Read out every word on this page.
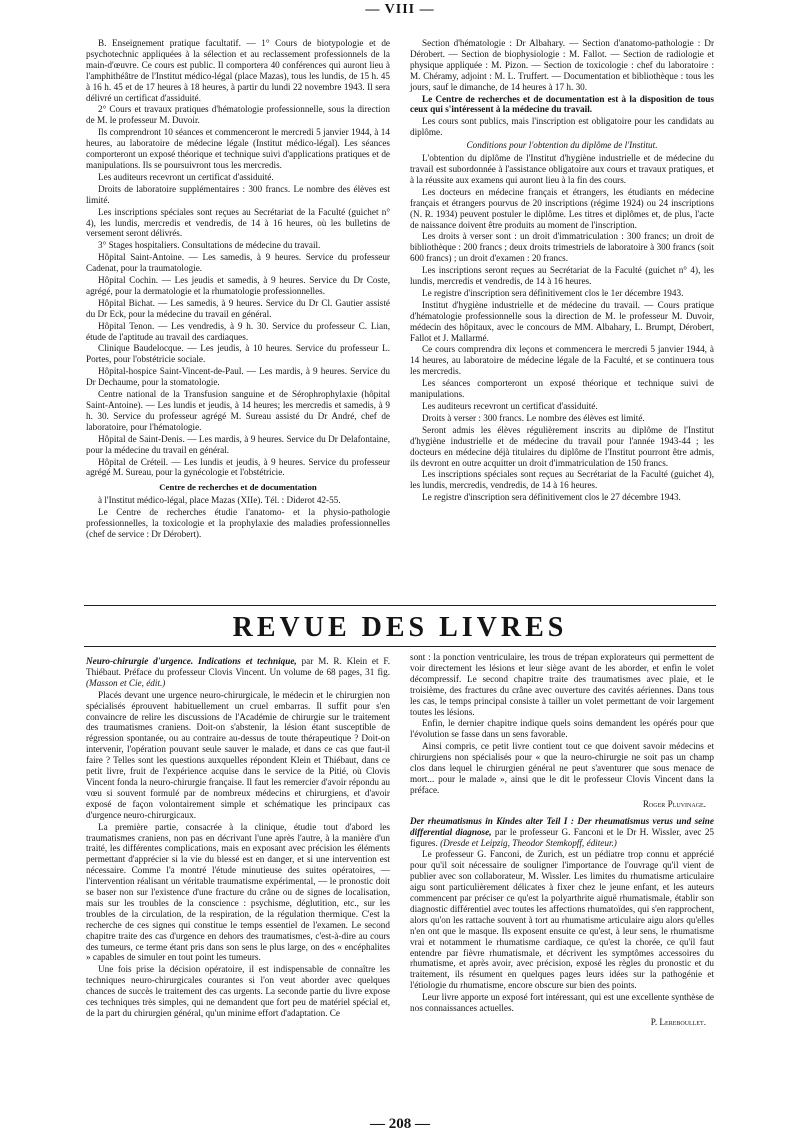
— VIII —

B. Enseignement pratique facultatif. — 1° Cours de biotypologie et de psychotechnic appliquées à la sélection et au reclassement professionnels de la main-d'œuvre. Ce cours est public. Il comportera 40 conférences qui auront lieu à l'amphithéâtre de l'Institut médico-légal (place Mazas), tous les lundis, de 15 h. 45 à 16 h. 45 et de 17 heures à 18 heures, à partir du lundi 22 novembre 1943. Il sera délivré un certificat d'assiduité.

2° Cours et travaux pratiques d'hématologie professionnelle, sous la direction de M. le professeur M. Duvoir.

Ils comprendront 10 séances et commenceront le mercredi 5 janvier 1944, à 14 heures, au laboratoire de médecine légale (Institut médico-légal). Les séances comporteront un exposé théorique et technique suivi d'applications pratiques et de manipulations. Ils se poursuivront tous les mercredis.

Les auditeurs recevront un certificat d'assiduité.

Droits de laboratoire supplémentaires : 300 francs. Le nombre des élèves est limité.

Les inscriptions spéciales sont reçues au Secrétariat de la Faculté (guichet n° 4), les lundis, mercredis et vendredis, de 14 à 16 heures, où les bulletins de versement seront délivrés.

3° Stages hospitaliers. Consultations de médecine du travail.

Hôpital Saint-Antoine. — Les samedis, à 9 heures. Service du professeur Cadenat, pour la traumatologie.

Hôpital Cochin. — Les jeudis et samedis, à 9 heures. Service du Dr Coste, agrégé, pour la dermatologie et la rhumatologie professionnelles.

Hôpital Bichat. — Les samedis, à 9 heures. Service du Dr Cl. Gautier assisté du Dr Eck, pour la médecine du travail en général.

Hôpital Tenon. — Les vendredis, à 9 h. 30. Service du professeur C. Lian, étude de l'aptitude au travail des cardiaques.

Clinique Baudelocque. — Les jeudis, à 10 heures. Service du professeur L. Portes, pour l'obstétricie sociale.

Hôpital-hospice Saint-Vincent-de-Paul. — Les mardis, à 9 heures. Service du Dr Dechaume, pour la stomatologie.

Centre national de la Transfusion sanguine et de Sérophrophylaxie (hôpital Saint-Antoine). — Les lundis et jeudis, à 14 heures; les mercredis et samedis, à 9 h. 30. Service du professeur agrégé M. Sureau assisté du Dr André, chef de laboratoire, pour l'hématologie.

Hôpital de Saint-Denis. — Les mardis, à 9 heures. Service du Dr Delafontaine, pour la médecine du travail en général.

Hôpital de Créteil. — Les lundis et jeudis, à 9 heures. Service du professeur agrégé M. Sureau, pour la gynécologie et l'obstétricie.

Centre de recherches et de documentation

à l'Institut médico-légal, place Mazas (XIIe). Tél. : Diderot 42-55.

Le Centre de recherches étudie l'anatomo- et la physio-pathologie professionnelles, la toxicologie et la prophylaxie des maladies professionnelles (chef de service : Dr Dérobert).

Section d'hématologie : Dr Albahary. — Section d'anatomo-pathologie : Dr Dérobert. — Section de biophysiologie : M. Fallot. — Section de radiologie et physique appliquée : M. Pizon. — Section de toxicologie : chef du laboratoire : M. Chéramy, adjoint : M. L. Truffert. — Documentation et bibliothèque : tous les jours, sauf le dimanche, de 14 heures à 17 h. 30.

Le Centre de recherches et de documentation est à la disposition de tous ceux qui s'intéressent à la médecine du travail.

Les cours sont publics, mais l'inscription est obligatoire pour les candidats au diplôme.

Conditions pour l'obtention du diplôme de l'Institut.

L'obtention du diplôme de l'Institut d'hygiène industrielle et de médecine du travail est subordonnée à l'assistance obligatoire aux cours et travaux pratiques, et à la réussite aux examens qui auront lieu à la fin des cours.

Les docteurs en médecine français et étrangers, les étudiants en médecine français et étrangers pourvus de 20 inscriptions (régime 1924) ou 24 inscriptions (N. R. 1934) peuvent postuler le diplôme. Les titres et diplômes et, de plus, l'acte de naissance doivent être produits au moment de l'inscription.

Les droits à verser sont : un droit d'immatriculation : 300 francs; un droit de bibliothèque : 200 francs ; deux droits trimestriels de laboratoire à 300 francs (soit 600 francs) ; un droit d'examen : 20 francs.

Les inscriptions seront reçues au Secrétariat de la Faculté (guichet n° 4), les lundis, mercredis et vendredis, de 14 à 16 heures.

Le registre d'inscription sera définitivement clos le 1er décembre 1943.

Institut d'hygiène industrielle et de médecine du travail. — Cours pratique d'hématologie professionnelle sous la direction de M. le professeur M. Duvoir, médecin des hôpitaux, avec le concours de MM. Albahary, L. Brumpt, Dérobert, Fallot et J. Mallarmé.

Ce cours comprendra dix leçons et commencera le mercredi 5 janvier 1944, à 14 heures, au laboratoire de médecine légale de la Faculté, et se continuera tous les mercredis.

Les séances comporteront un exposé théorique et technique suivi de manipulations.

Les auditeurs recevront un certificat d'assiduité.

Droits à verser : 300 francs. Le nombre des élèves est limité.

Seront admis les élèves régulièrement inscrits au diplôme de l'Institut d'hygiène industrielle et de médecine du travail pour l'année 1943-44 ; les docteurs en médecine déjà titulaires du diplôme de l'Institut pourront être admis, ils devront en outre acquitter un droit d'immatriculation de 150 francs.

Les inscriptions spéciales sont reçues au Secrétariat de la Faculté (guichet 4), les lundis, mercredis, vendredis, de 14 à 16 heures.

Le registre d'inscription sera définitivement clos le 27 décembre 1943.

REVUE DES LIVRES

Neuro-chirurgie d'urgence. Indications et technique, par M. R. Klein et F. Thiébaut. Préface du professeur Clovis Vincent. Un volume de 68 pages, 31 fig. (Masson et Cie, édit.)

Placés devant une urgence neuro-chirurgicale, le médecin et le chirurgien non spécialisés éprouvent habituellement un cruel embarras. Il suffit pour s'en convaincre de relire les discussions de l'Académie de chirurgie sur le traitement des traumatismes craniens. Doit-on s'abstenir, la lésion étant susceptible de régression spontanée, ou au contraire au-dessus de toute thérapeutique ? Doit-on intervenir, l'opération pouvant seule sauver le malade, et dans ce cas que faut-il faire ? Telles sont les questions auxquelles répondent Klein et Thiébaut, dans ce petit livre, fruit de l'expérience acquise dans le service de la Pitié, où Clovis Vincent fonda la neuro-chirurgie française. Il faut les remercier d'avoir répondu au vœu si souvent formulé par de nombreux médecins et chirurgiens, et d'avoir exposé de façon volontairement simple et schématique les principaux cas d'urgence neuro-chirurgicaux.

La première partie, consacrée à la clinique, étudie tout d'abord les traumatismes craniens, non pas en décrivant l'une après l'autre, à la manière d'un traité, les différentes complications, mais en exposant avec précision les éléments permettant d'apprécier si la vie du blessé est en danger, et si une intervention est nécessaire. Comme l'a montré l'étude minutieuse des suites opératoires, — l'intervention réalisant un véritable traumatisme expérimental, — le pronostic doit se baser non sur l'existence d'une fracture du crâne ou de signes de localisation, mais sur les troubles de la conscience : psychisme, déglutition, etc., sur les troubles de la circulation, de la respiration, de la régulation thermique. C'est la recherche de ces signes qui constitue le temps essentiel de l'examen. Le second chapitre traite des cas d'urgence en dehors des traumatismes, c'est-à-dire au cours des tumeurs, ce terme étant pris dans son sens le plus large, on des « encéphalites » capables de simuler en tout point les tumeurs.

Une fois prise la décision opératoire, il est indispensable de connaître les techniques neuro-chirurgicales courantes si l'on veut aborder avec quelques chances de succès le traitement des cas urgents. La seconde partie du livre expose ces techniques très simples, qui ne demandent que fort peu de matériel spécial et, de la part du chirurgien général, qu'un minime effort d'adaptation. Ce

sont : la ponction ventriculaire, les trous de trépan explorateurs qui permettent de voir directement les lésions et leur siège avant de les aborder, et enfin le volet décompressif. Le second chapitre traite des traumatismes avec plaie, et le troisième, des fractures du crâne avec ouverture des cavités aériennes. Dans tous les cas, le temps principal consiste à tailler un volet permettant de voir largement toutes les lésions.

Enfin, le dernier chapitre indique quels soins demandent les opérés pour que l'évolution se fasse dans un sens favorable.

Ainsi compris, ce petit livre contient tout ce que doivent savoir médecins et chirurgiens non spécialisés pour « que la neuro-chirurgie ne soit pas un champ clos dans lequel le chirurgien général ne peut s'aventurer que sous menace de mort... pour le malade », ainsi que le dit le professeur Clovis Vincent dans la préface.

Roger Pluvinage.

Der rheumatismus in Kindes alter Teil I : Der rheumatismus verus und seine differential diagnose, par le professeur G. Fanconi et le Dr H. Wissler, avec 25 figures. (Dresde et Leipzig, Theodor Stemkopff, éditeur.)

Le professeur G. Fanconi, de Zurich, est un pédiatre trop connu et apprécié pour qu'il soit nécessaire de souligner l'importance de l'ouvrage qu'il vient de publier avec son collaborateur, M. Wissler. Les limites du rhumatisme articulaire aigu sont particulièrement délicates à fixer chez le jeune enfant, et les auteurs commencent par préciser ce qu'est la polyarthrite aiguë rhumatismale, établir son diagnostic différentiel avec toutes les affections rhumatoïdes, qui s'en rapprochent, alors qu'on les rattache souvent à tort au rhumatisme articulaire aigu alors qu'elles n'en ont que le masque. Ils exposent ensuite ce qu'est, à leur sens, le rhumatisme vrai et notamment le rhumatisme cardiaque, ce qu'est la chorée, ce qu'il faut entendre par fièvre rhumatismale, et décrivent les symptômes accessoires du rhumatisme, et après avoir, avec précision, exposé les règles du pronostic et du traitement, ils résument en quelques pages leurs idées sur la pathogénie et l'étiologie du rhumatisme, encore obscure sur bien des points.

Leur livre apporte un exposé fort intéressant, qui est une excellente synthèse de nos connaissances actuelles.

P. Lereboullet.

— 208 —
